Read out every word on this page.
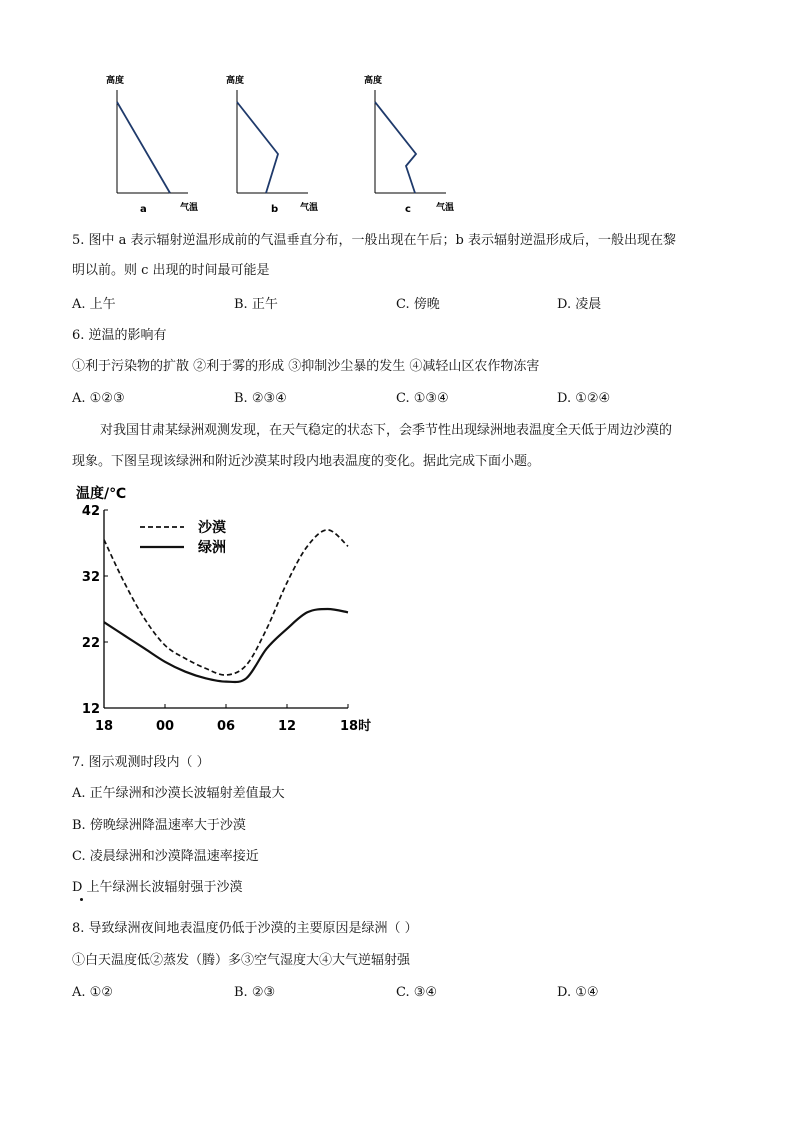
高度
a	气温
高度
b 气温
高度
c	气温
5. 图中 a 表示辐射逆温形成前的气温垂直分布，一般出现在午后；b 表示辐射逆温形成后，一般出现在黎
明以前。则 c 出现的时间最可能是
A. 上午	B. 正午	C. 傍晚	D. 凌晨
6. 逆温的影响有
①利于污染物的扩散 ②利于雾的形成 ③抑制沙尘暴的发生 ④减轻山区农作物冻害
A. ①②③	B. ②③④	C. ①③④	D. ①②④
对我国甘肃某绿洲观测发现，在天气稳定的状态下，会季节性出现绿洲地表温度全天低于周边沙漠的
现象。下图呈现该绿洲和附近沙漠某时段内地表温度的变化。据此完成下面小题。
温度/℃
42
32
22
12
18	00	06	12	18时
沙漠
绿洲
7. 图示观测时段内（ ）
A. 正午绿洲和沙漠长波辐射差值最大
B. 傍晚绿洲降温速率大于沙漠
C. 凌晨绿洲和沙漠降温速率接近
D 上午绿洲长波辐射强于沙漠
8. 导致绿洲夜间地表温度仍低于沙漠的主要原因是绿洲（ ）
①白天温度低②蒸发（腾）多③空气湿度大④大气逆辐射强
A. ①②	B. ②③	C. ③④	D. ①④
